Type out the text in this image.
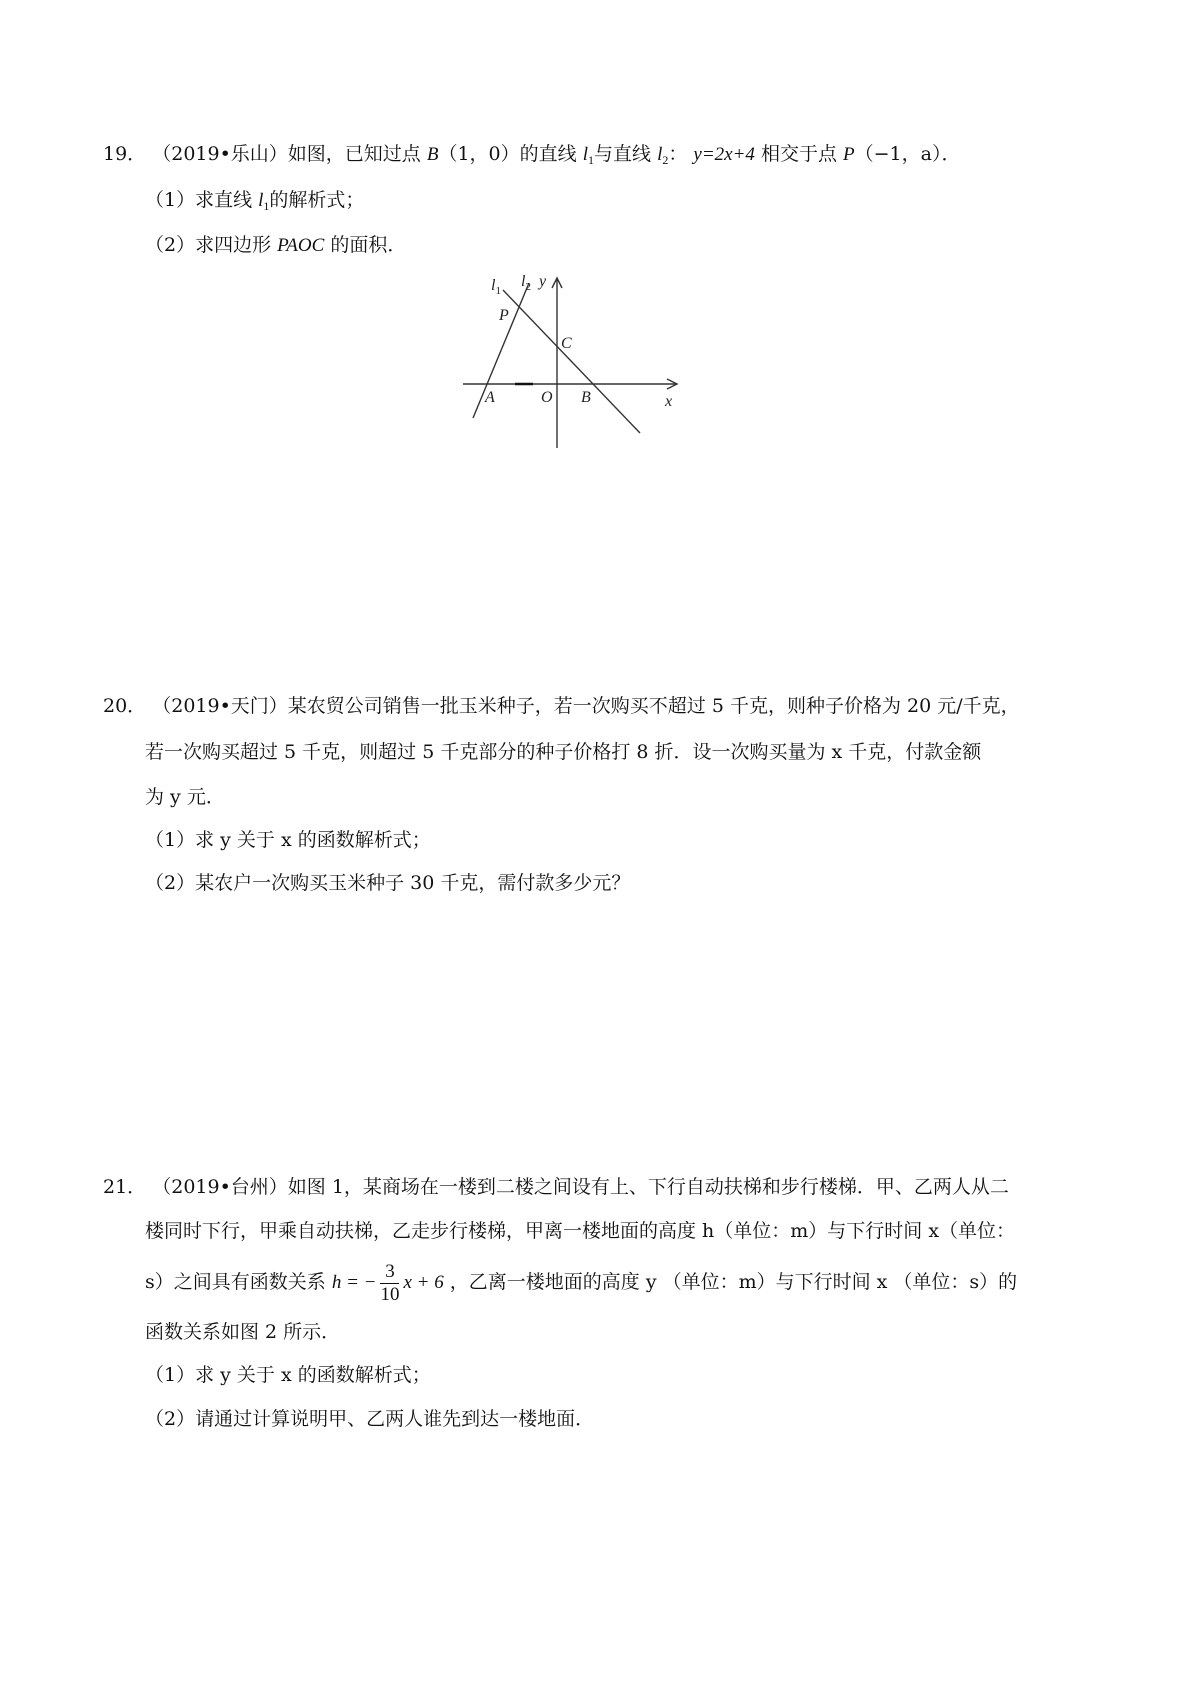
19． （2019•乐山）如图，已知过点 B（1，0）的直线 $l_1$与直线 $l_2$： y=2x+4 相交于点 P（−1，a）．
（1）求直线 $l_1$的解析式；
（2）求四边形 PAOC 的面积．
$l_1$
$l_2$ y
P
C
A	O B	x
20． （2019•天门）某农贸公司销售一批玉米种子，若一次购买不超过 5 千克，则种子价格为 20 元/千克，
若一次购买超过 5 千克，则超过 5 千克部分的种子价格打 8 折．设一次购买量为 x 千克，付款金额
为 y 元．
（1）求 y 关于 x 的函数解析式；
（2）某农户一次购买玉米种子 30 千克，需付款多少元？
21． （2019•台州）如图 1，某商场在一楼到二楼之间设有上、下行自动扶梯和步行楼梯．甲、乙两人从二
楼同时下行，甲乘自动扶梯，乙走步行楼梯，甲离一楼地面的高度 h（单位：m）与下行时间 x（单位：
s）之间具有函数关系 h = − $\frac{3}{10}$ x + 6 ，乙离一楼地面的高度 y （单位：m）与下行时间 x （单位：s）的
函数关系如图 2 所示．
（1）求 y 关于 x 的函数解析式；
（2）请通过计算说明甲、乙两人谁先到达一楼地面．
